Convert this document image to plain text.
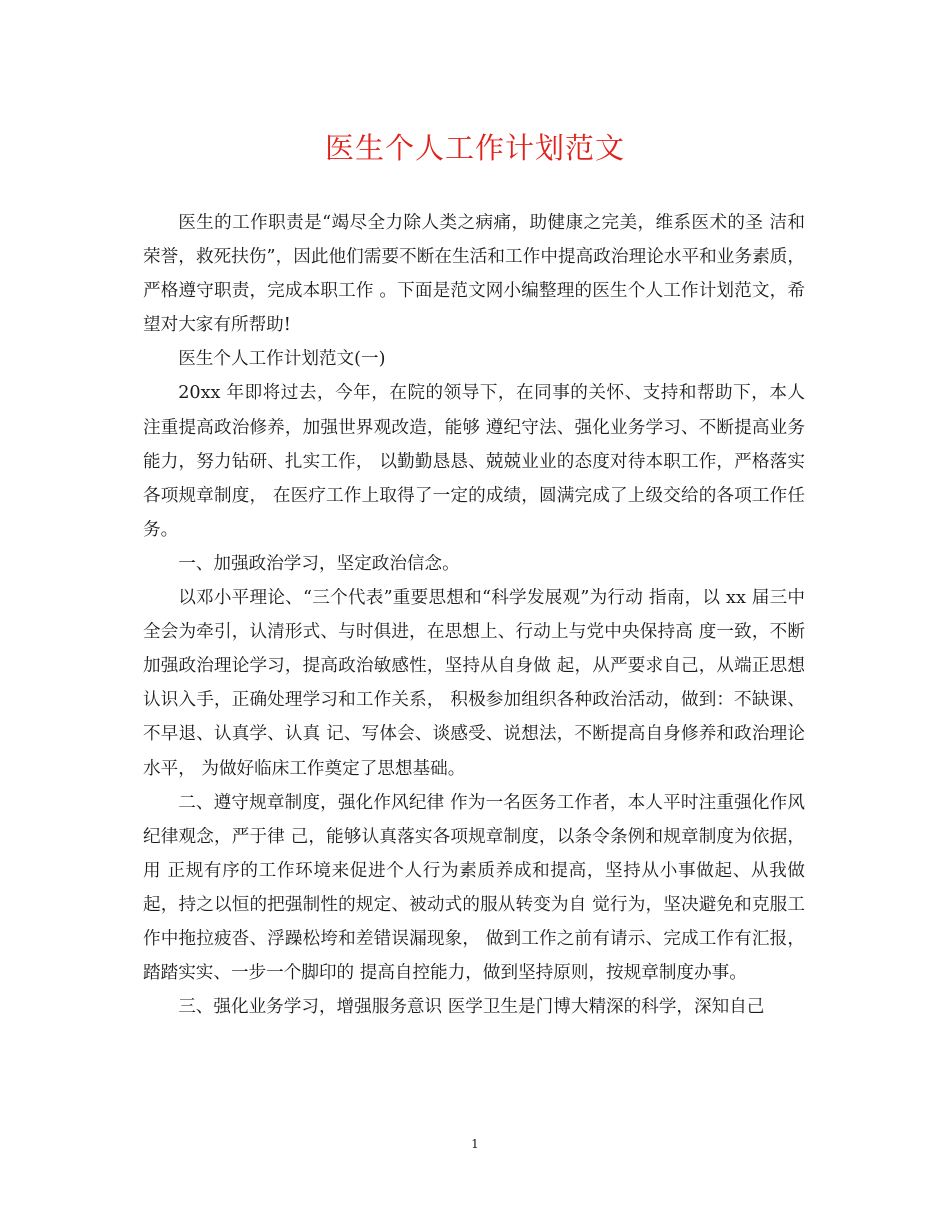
医生个人工作计划范文

医生的工作职责是“竭尽全力除人类之病痛，助健康之完美，维系医术的圣 洁和荣誉，救死扶伤”，因此他们需要不断在生活和工作中提高政治理论水平和业务素质，严格遵守职责，完成本职工作 。下面是范文网小编整理的医生个人工作计划范文，希望对大家有所帮助!

医生个人工作计划范文(一)

20xx 年即将过去，今年，在院的领导下，在同事的关怀、支持和帮助下，本人注重提高政治修养，加强世界观改造，能够 遵纪守法、强化业务学习、不断提高业务能力，努力钻研、扎实工作， 以勤勤恳恳、兢兢业业的态度对待本职工作，严格落实各项规章制度， 在医疗工作上取得了一定的成绩，圆满完成了上级交给的各项工作任 务。

一、加强政治学习，坚定政治信念。

以邓小平理论、“三个代表”重要思想和“科学发展观”为行动 指南，以 xx 届三中全会为牵引，认清形式、与时俱进，在思想上、行动上与党中央保持高 度一致，不断加强政治理论学习，提高政治敏感性，坚持从自身做 起，从严要求自己，从端正思想认识入手，正确处理学习和工作关系， 积极参加组织各种政治活动，做到：不缺课、不早退、认真学、认真 记、写体会、谈感受、说想法，不断提高自身修养和政治理论水平， 为做好临床工作奠定了思想基础。

二、遵守规章制度，强化作风纪律 作为一名医务工作者，本人平时注重强化作风纪律观念，严于律 己，能够认真落实各项规章制度，以条令条例和规章制度为依据，用 正规有序的工作环境来促进个人行为素质养成和提高，坚持从小事做起、从我做起，持之以恒的把强制性的规定、被动式的服从转变为自 觉行为，坚决避免和克服工作中拖拉疲沓、浮躁松垮和差错误漏现象， 做到工作之前有请示、完成工作有汇报，踏踏实实、一步一个脚印的 提高自控能力，做到坚持原则，按规章制度办事。

三、强化业务学习，增强服务意识 医学卫生是门博大精深的科学，深知自己

1
